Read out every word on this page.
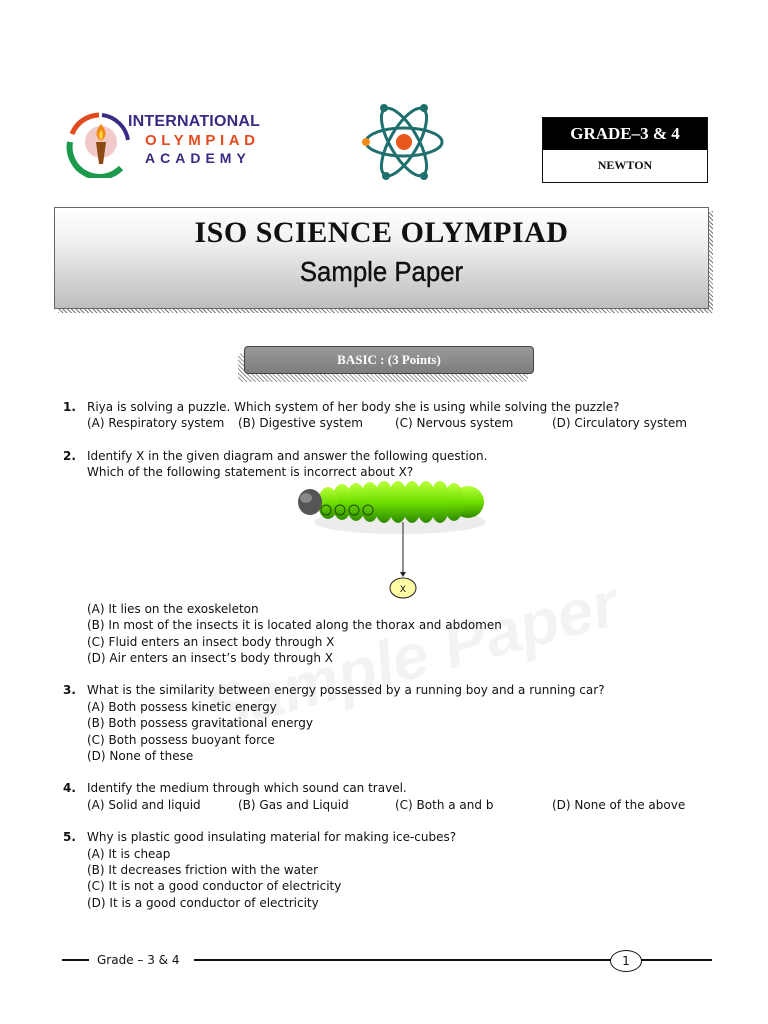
INTERNATIONAL
OLYMPIAD
ACADEMY
GRADE–3 & 4
NEWTON
ISO SCIENCE OLYMPIAD
Sample Paper
BASIC : (3 Points)
1. Riya is solving a puzzle. Which system of her body she is using while solving the puzzle?
(A) Respiratory system (B) Digestive system	(C) Nervous system	(D) Circulatory system
2. Identify X in the given diagram and answer the following question.
Which of the following statement is incorrect about X?
X
(A) It lies on the exoskeleton
(B) In most of the insects it is located along the thorax and abdomen
(C) Fluid enters an insect body through X
(D) Air enters an insect’s body through X
3. What is the similarity between energy possessed by a running boy and a running car?
(A) Both possess kinetic energy
(B) Both possess gravitational energy
(C) Both possess buoyant force
(D) None of these
4. Identify the medium through which sound can travel.
(A) Solid and liquid	(B) Gas and Liquid	(C) Both a and b	(D) None of the above
5. Why is plastic good insulating material for making ice-cubes?
(A) It is cheap
(B) It decreases friction with the water
(C) It is not a good conductor of electricity
(D) It is a good conductor of electricity
Grade – 3 & 4	1
